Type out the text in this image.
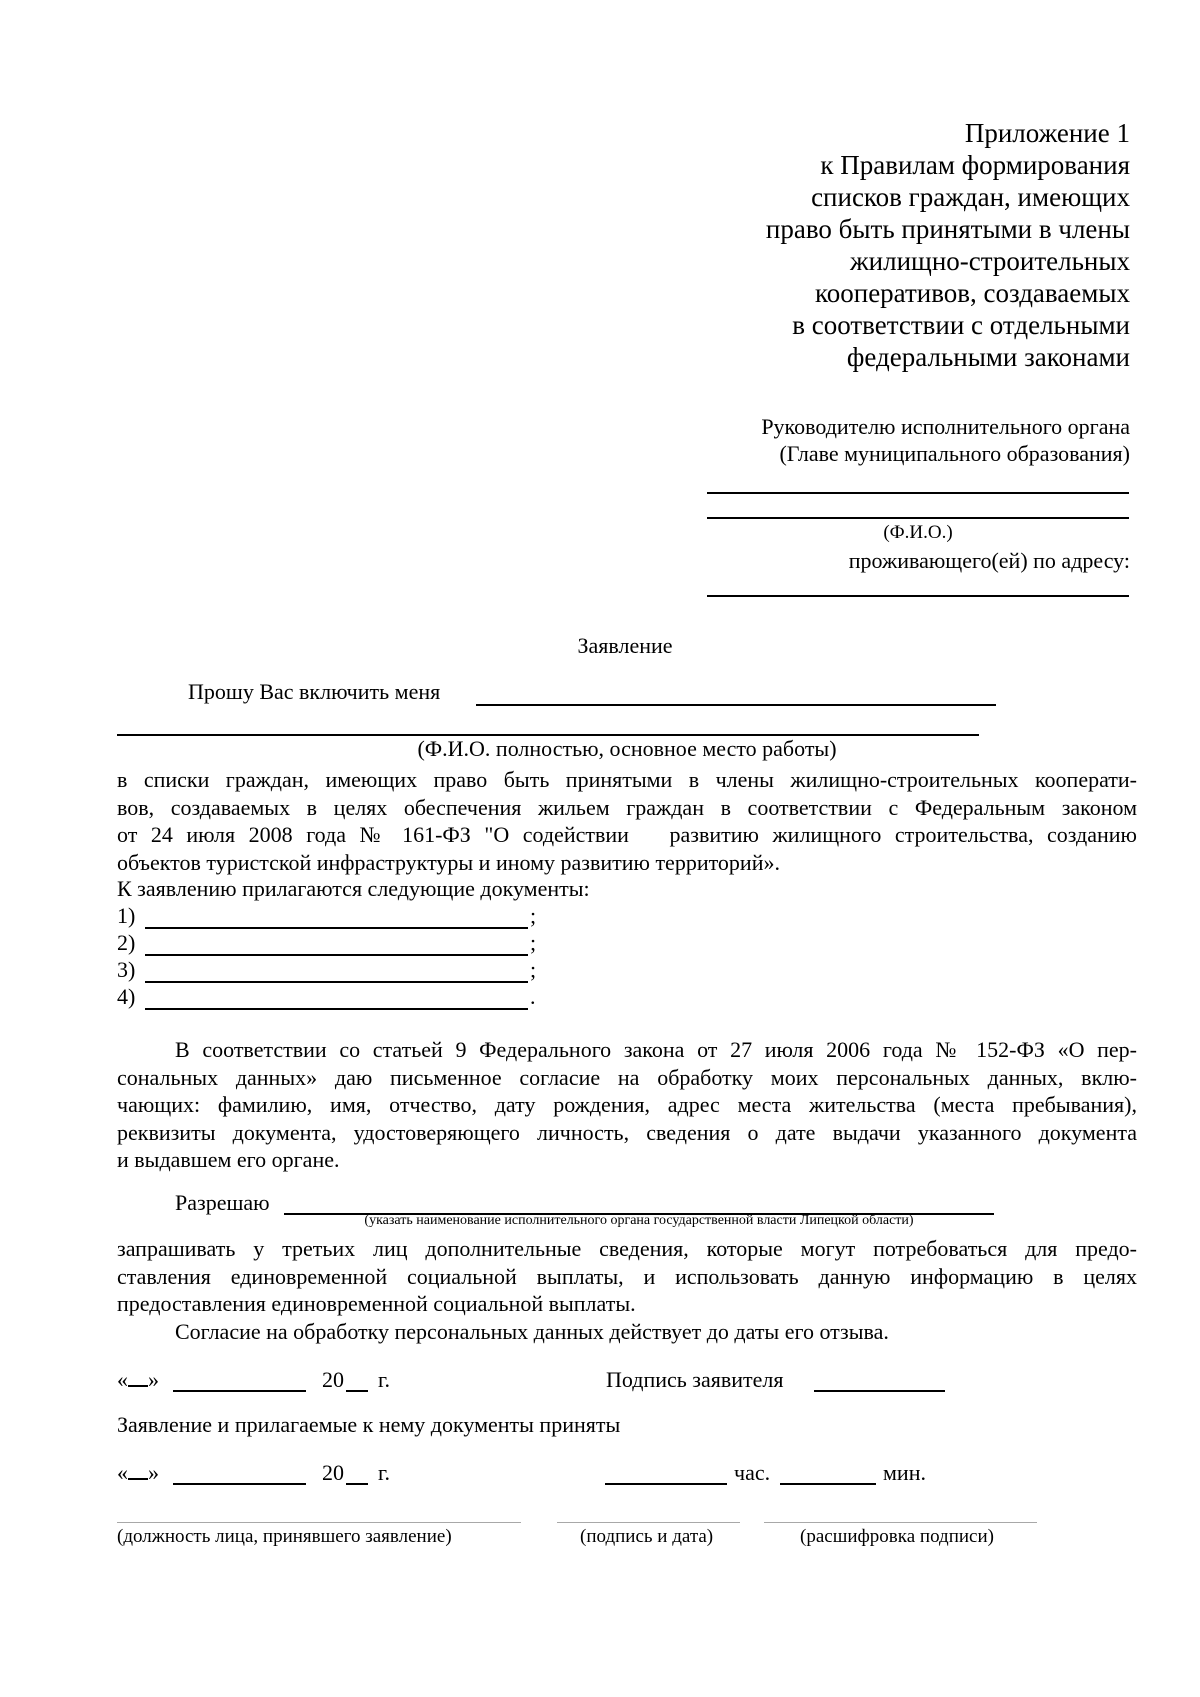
Приложение 1
к Правилам формирования
списков граждан, имеющих
право быть принятыми в члены
жилищно-строительных
кооперативов, создаваемых
в соответствии с отдельными
федеральными законами
Руководителю исполнительного органа
(Главе муниципального образования)
(Ф.И.О.)
проживающего(ей) по адресу:
Заявление
Прошу Вас включить меня
(Ф.И.О. полностью, основное место работы)
в списки граждан, имеющих право быть принятыми в члены жилищно-строительных кооперати-
вов, создаваемых в целях обеспечения жильем граждан в соответствии с Федеральным законом
от 24 июля 2008 года № 161-ФЗ "О содействии   развитию жилищного строительства, созданию
объектов туристской инфраструктуры и иному развитию территорий».
К заявлению прилагаются следующие документы:
1)	;
2)	;
3)	;
4)	.
В соответствии со статьей 9 Федерального закона от 27 июля 2006 года № 152-ФЗ «О пер-
сональных данных» даю письменное согласие на обработку моих персональных данных, вклю-
чающих: фамилию, имя, отчество, дату рождения, адрес места жительства (места пребывания),
реквизиты документа, удостоверяющего личность, сведения о дате выдачи указанного документа
и выдавшем его органе.
Разрешаю
(указать наименование исполнительного органа государственной власти Липецкой области)
запрашивать у третьих лиц дополнительные сведения, которые могут потребоваться для предо-
ставления единовременной социальной выплаты, и использовать данную информацию в целях
предоставления единовременной социальной выплаты.
Согласие на обработку персональных данных действует до даты его отзыва.
« »	20 г.	Подпись заявителя
Заявление и прилагаемые к нему документы приняты
« »	20 г.	час.	мин.
(должность лица, принявшего заявление)	(подпись и дата)	(расшифровка подписи)
